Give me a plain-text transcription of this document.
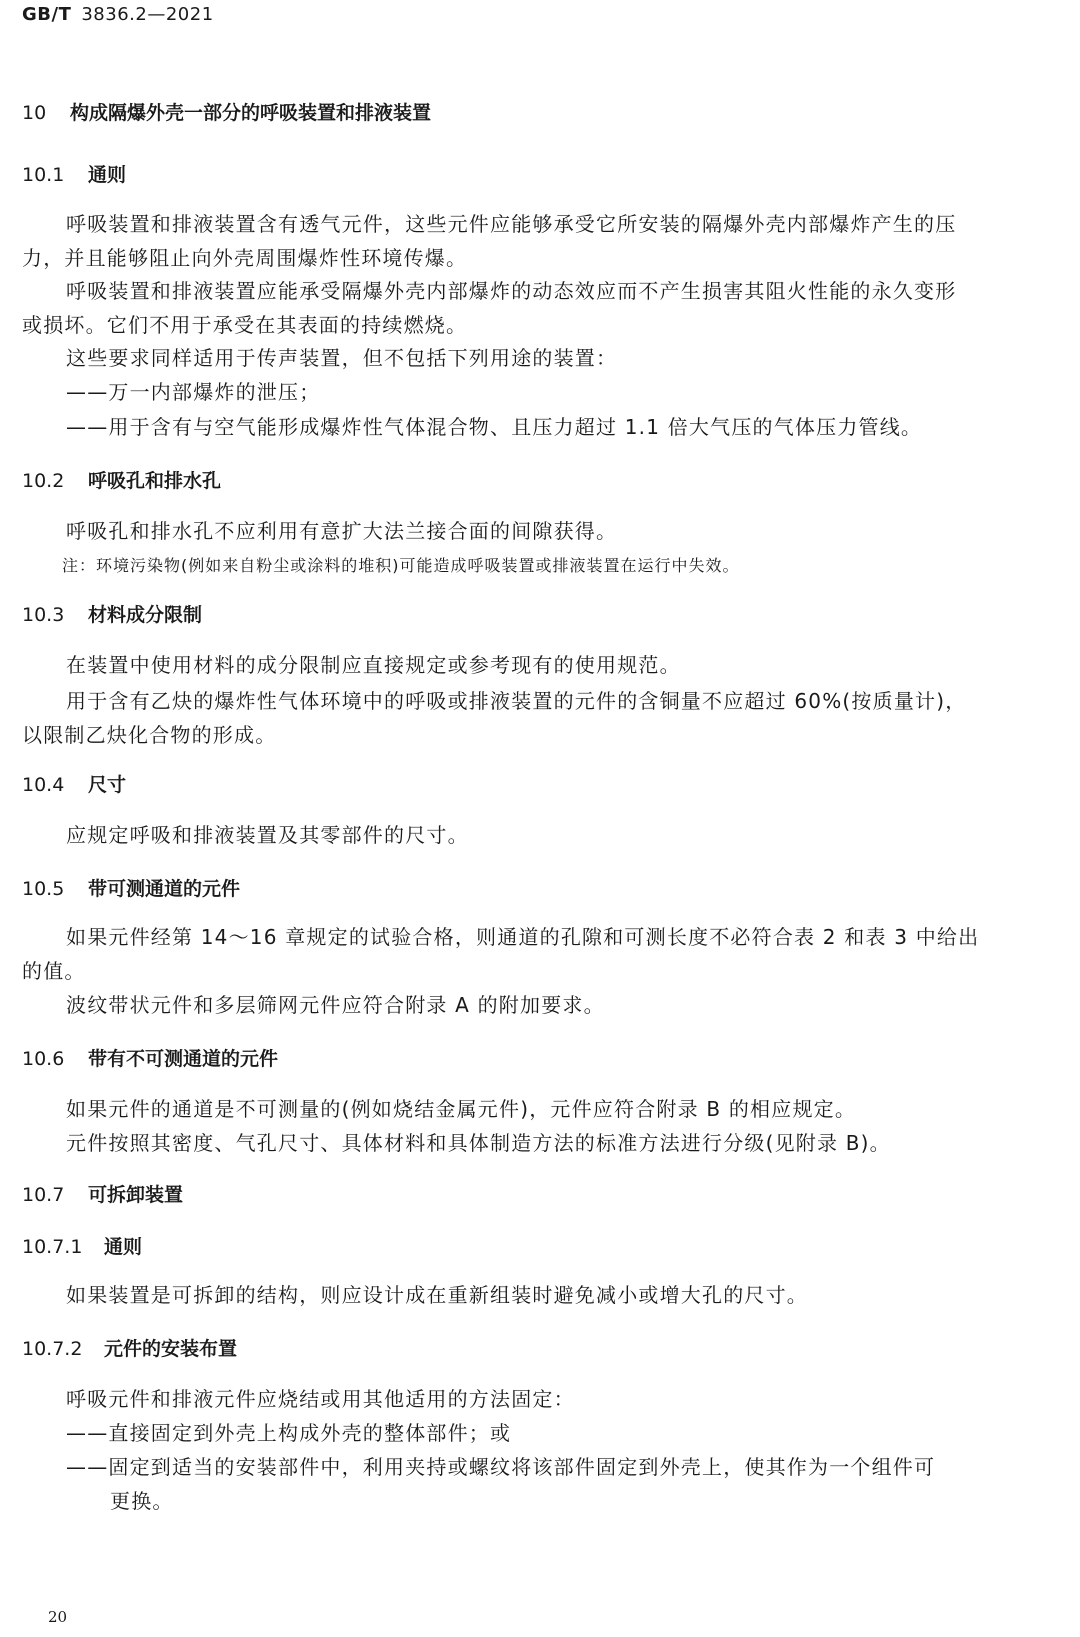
GB/T 3836.2—2021
10 构成隔爆外壳一部分的呼吸装置和排液装置
10.1 通则
呼吸装置和排液装置含有透气元件，这些元件应能够承受它所安装的隔爆外壳内部爆炸产生的压
力，并且能够阻止向外壳周围爆炸性环境传爆。
呼吸装置和排液装置应能承受隔爆外壳内部爆炸的动态效应而不产生损害其阻火性能的永久变形
或损坏。它们不用于承受在其表面的持续燃烧。
这些要求同样适用于传声装置，但不包括下列用途的装置：
——万一内部爆炸的泄压；
——用于含有与空气能形成爆炸性气体混合物、且压力超过 1.1 倍大气压的气体压力管线。
10.2 呼吸孔和排水孔
呼吸孔和排水孔不应利用有意扩大法兰接合面的间隙获得。
注：环境污染物(例如来自粉尘或涂料的堆积)可能造成呼吸装置或排液装置在运行中失效。
10.3 材料成分限制
在装置中使用材料的成分限制应直接规定或参考现有的使用规范。
用于含有乙炔的爆炸性气体环境中的呼吸或排液装置的元件的含铜量不应超过 60%(按质量计)，
以限制乙炔化合物的形成。
10.4 尺寸
应规定呼吸和排液装置及其零部件的尺寸。
10.5 带可测通道的元件
如果元件经第 14～16 章规定的试验合格，则通道的孔隙和可测长度不必符合表 2 和表 3 中给出
的值。
波纹带状元件和多层筛网元件应符合附录 A 的附加要求。
10.6 带有不可测通道的元件
如果元件的通道是不可测量的(例如烧结金属元件)，元件应符合附录 B 的相应规定。
元件按照其密度、气孔尺寸、具体材料和具体制造方法的标准方法进行分级(见附录 B)。
10.7 可拆卸装置
10.7.1 通则
如果装置是可拆卸的结构，则应设计成在重新组装时避免减小或增大孔的尺寸。
10.7.2 元件的安装布置
呼吸元件和排液元件应烧结或用其他适用的方法固定：
——直接固定到外壳上构成外壳的整体部件；或
——固定到适当的安装部件中，利用夹持或螺纹将该部件固定到外壳上，使其作为一个组件可
更换。
20
